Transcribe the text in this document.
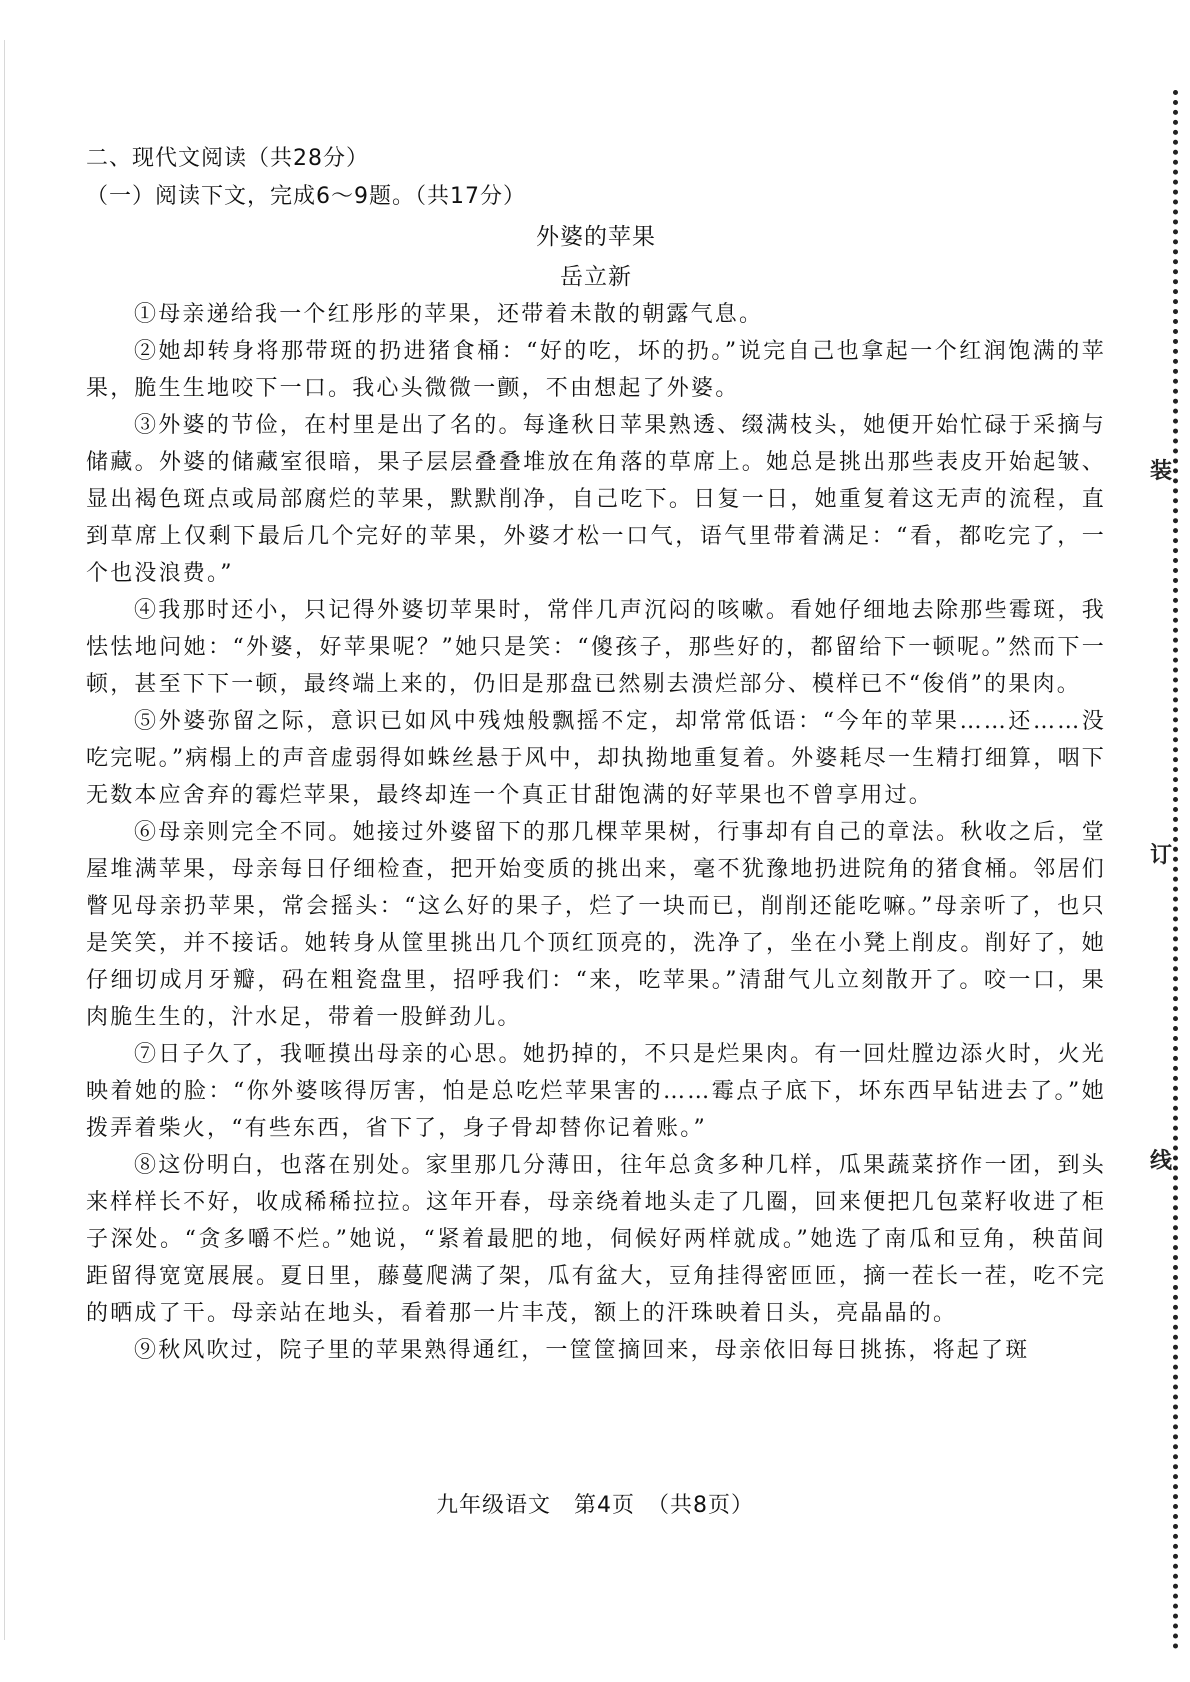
装
订
线
二、现代文阅读（共28分）
（一）阅读下文，完成6～9题。（共17分）
外婆的苹果
岳立新

①母亲递给我一个红彤彤的苹果，还带着未散的朝露气息。

②她却转身将那带斑的扔进猪食桶：“好的吃，坏的扔。”说完自己也拿起一个红润饱满的苹果，脆生生地咬下一口。我心头微微一颤，不由想起了外婆。

③外婆的节俭，在村里是出了名的。每逢秋日苹果熟透、缀满枝头，她便开始忙碌于采摘与储藏。外婆的储藏室很暗，果子层层叠叠堆放在角落的草席上。她总是挑出那些表皮开始起皱、显出褐色斑点或局部腐烂的苹果，默默削净，自己吃下。日复一日，她重复着这无声的流程，直到草席上仅剩下最后几个完好的苹果，外婆才松一口气，语气里带着满足：“看，都吃完了，一个也没浪费。”

④我那时还小，只记得外婆切苹果时，常伴几声沉闷的咳嗽。看她仔细地去除那些霉斑，我怯怯地问她：“外婆，好苹果呢？”她只是笑：“傻孩子，那些好的，都留给下一顿呢。”然而下一顿，甚至下下一顿，最终端上来的，仍旧是那盘已然剔去溃烂部分、模样已不“俊俏”的果肉。

⑤外婆弥留之际，意识已如风中残烛般飘摇不定，却常常低语：“今年的苹果……还……没吃完呢。”病榻上的声音虚弱得如蛛丝悬于风中，却执拗地重复着。外婆耗尽一生精打细算，咽下无数本应舍弃的霉烂苹果，最终却连一个真正甘甜饱满的好苹果也不曾享用过。

⑥母亲则完全不同。她接过外婆留下的那几棵苹果树，行事却有自己的章法。秋收之后，堂屋堆满苹果，母亲每日仔细检查，把开始变质的挑出来，毫不犹豫地扔进院角的猪食桶。邻居们瞥见母亲扔苹果，常会摇头：“这么好的果子，烂了一块而已，削削还能吃嘛。”母亲听了，也只是笑笑，并不接话。她转身从筐里挑出几个顶红顶亮的，洗净了，坐在小凳上削皮。削好了，她仔细切成月牙瓣，码在粗瓷盘里，招呼我们：“来，吃苹果。”清甜气儿立刻散开了。咬一口，果肉脆生生的，汁水足，带着一股鲜劲儿。

⑦日子久了，我咂摸出母亲的心思。她扔掉的，不只是烂果肉。有一回灶膛边添火时，火光映着她的脸：“你外婆咳得厉害，怕是总吃烂苹果害的……霉点子底下，坏东西早钻进去了。”她拨弄着柴火，“有些东西，省下了，身子骨却替你记着账。”

⑧这份明白，也落在别处。家里那几分薄田，往年总贪多种几样，瓜果蔬菜挤作一团，到头来样样长不好，收成稀稀拉拉。这年开春，母亲绕着地头走了几圈，回来便把几包菜籽收进了柜子深处。“贪多嚼不烂。”她说，“紧着最肥的地，伺候好两样就成。”她选了南瓜和豆角，秧苗间距留得宽宽展展。夏日里，藤蔓爬满了架，瓜有盆大，豆角挂得密匝匝，摘一茬长一茬，吃不完的晒成了干。母亲站在地头，看着那一片丰茂，额上的汗珠映着日头，亮晶晶的。

⑨秋风吹过，院子里的苹果熟得通红，一筐筐摘回来，母亲依旧每日挑拣，将起了斑

九年级语文　第4页　（共8页）
